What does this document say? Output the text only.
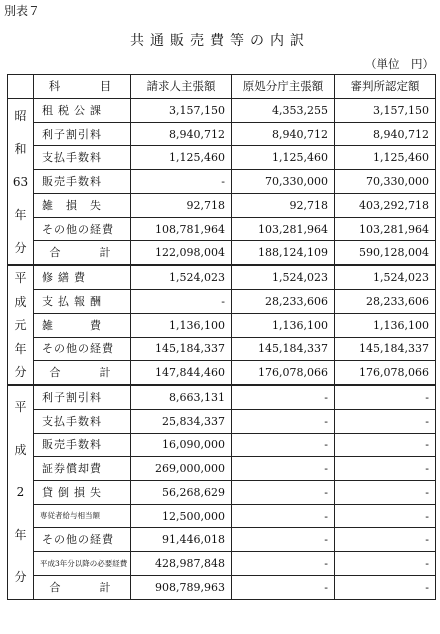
別表７
共通販売費等の内訳
（単位　円）
	科　目	請求人主張額	原処分庁主張額	審判所認定額

昭
和
63
年
分	租税公課	3,157,150	4,353,255	3,157,150
	利子割引料	8,940,712	8,940,712	8,940,712
	支払手数料	1,125,460	1,125,460	1,125,460
	販売手数料	-	70,330,000	70,330,000
	雑　損　失	92,718	92,718	403,292,718
	その他の経費	108,781,964	103,281,964	103,281,964
	合　計	122,098,004	188,124,109	590,128,004

平
成
元
年
分	修繕費	1,524,023	1,524,023	1,524,023
	支払報酬	-	28,233,606	28,233,606
	雑　　費	1,136,100	1,136,100	1,136,100
	その他の経費	145,184,337	145,184,337	145,184,337
	合　計	147,844,460	176,078,066	176,078,066

平
成
2
年
分	利子割引料	8,663,131	-	-
	支払手数料	25,834,337	-	-
	販売手数料	16,090,000	-	-
	証券償却費	269,000,000	-	-
	貸倒損失	56,268,629	-	-
	専従者給与相当額	12,500,000	-	-
	その他の経費	91,446,018	-	-
	平成3年分以降の必要経費	428,987,848	-	-
	合　計	908,789,963	-	-
